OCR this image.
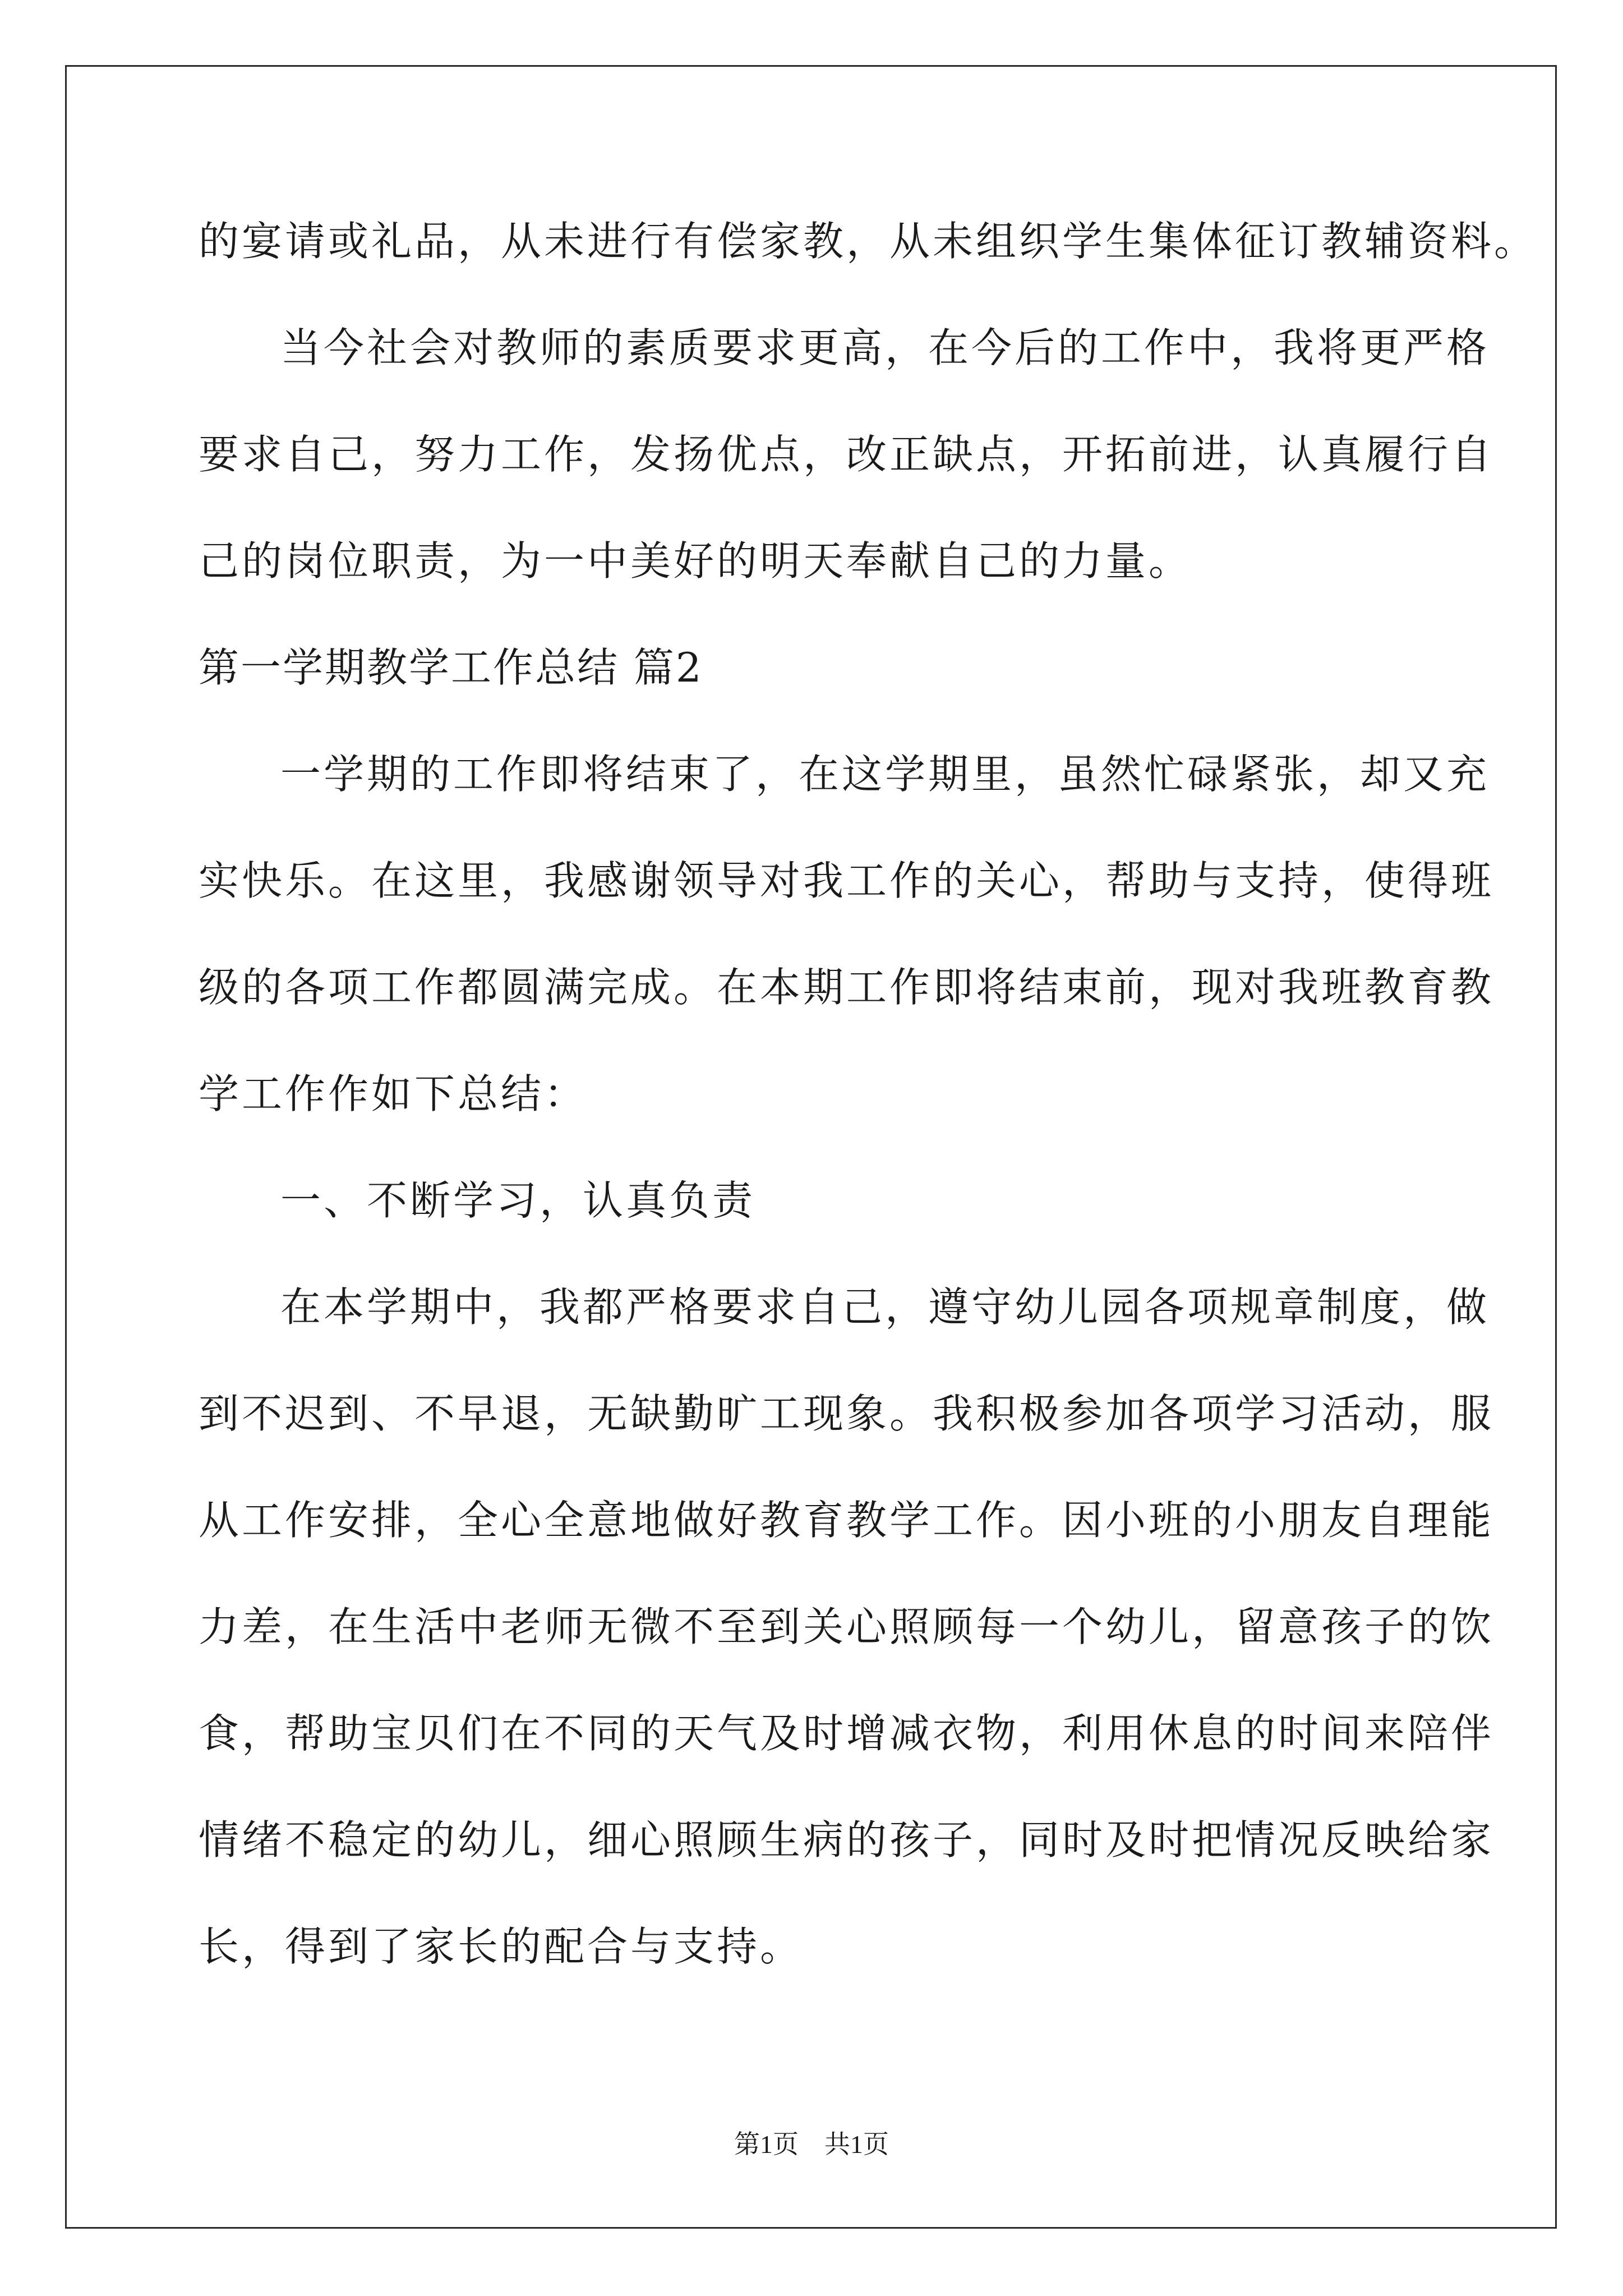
的宴请或礼品，从未进行有偿家教，从未组织学生集体征订教辅资料。
当今社会对教师的素质要求更高，在今后的工作中，我将更严格
要求自己，努力工作，发扬优点，改正缺点，开拓前进，认真履行自
己的岗位职责，为一中美好的明天奉献自己的力量。
第一学期教学工作总结 篇2
一学期的工作即将结束了，在这学期里，虽然忙碌紧张，却又充
实快乐。在这里，我感谢领导对我工作的关心，帮助与支持，使得班
级的各项工作都圆满完成。在本期工作即将结束前，现对我班教育教
学工作作如下总结：
一、不断学习，认真负责
在本学期中，我都严格要求自己，遵守幼儿园各项规章制度，做
到不迟到、不早退，无缺勤旷工现象。我积极参加各项学习活动，服
从工作安排，全心全意地做好教育教学工作。因小班的小朋友自理能
力差，在生活中老师无微不至到关心照顾每一个幼儿，留意孩子的饮
食，帮助宝贝们在不同的天气及时增减衣物，利用休息的时间来陪伴
情绪不稳定的幼儿，细心照顾生病的孩子，同时及时把情况反映给家
长，得到了家长的配合与支持。
第1页　共1页
